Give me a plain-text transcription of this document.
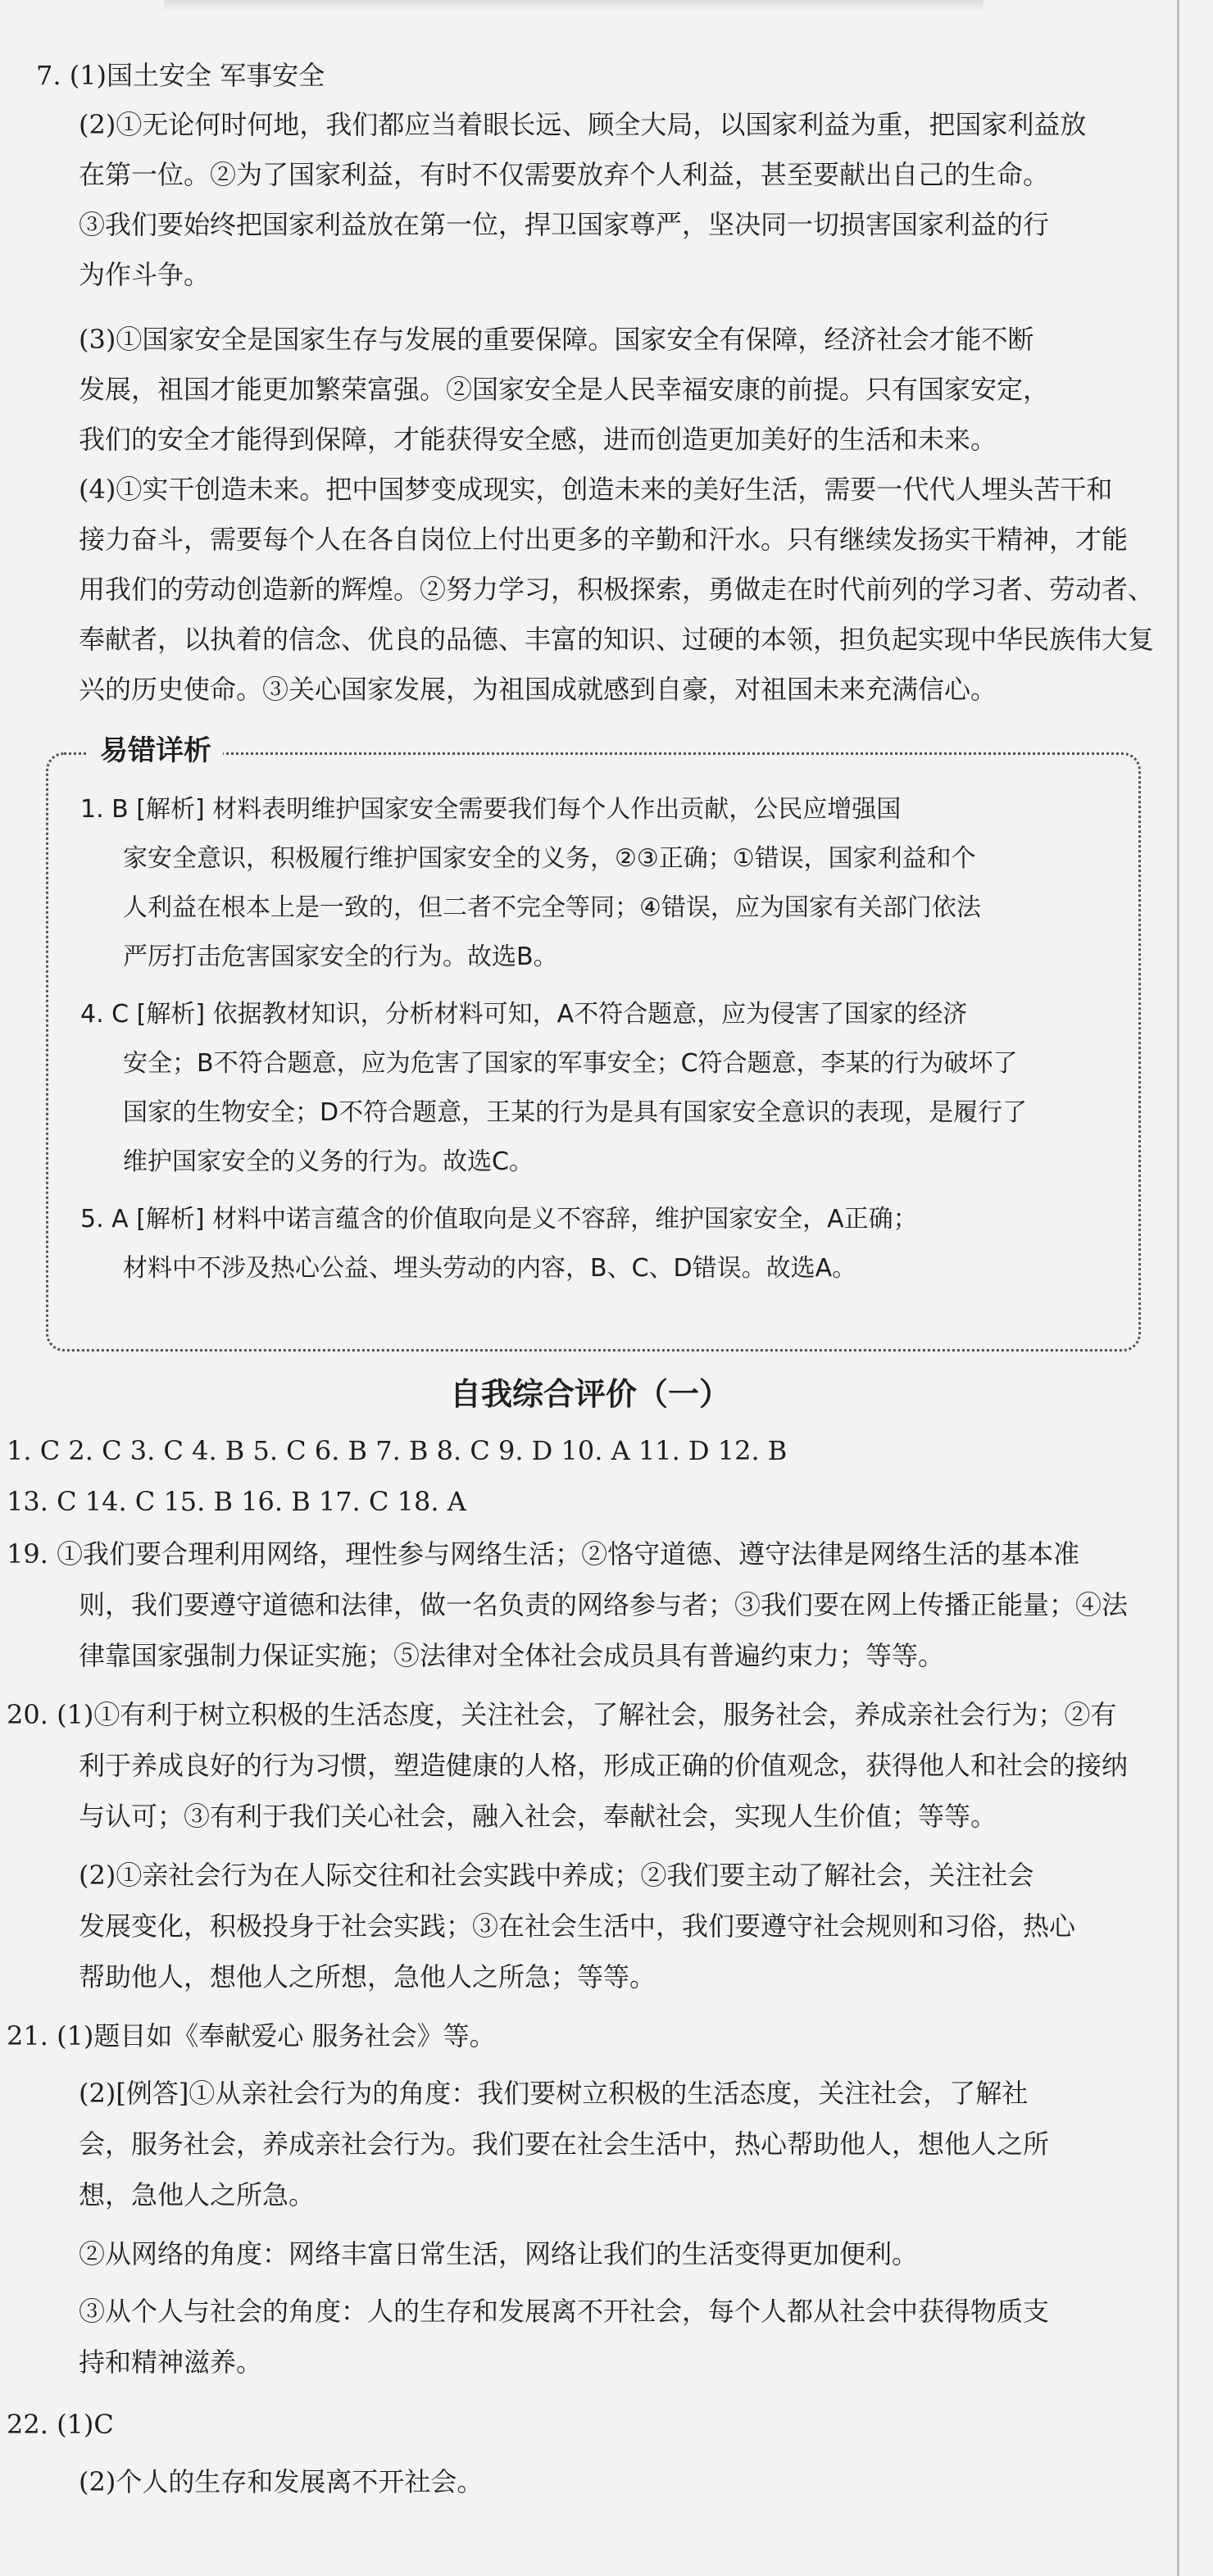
7. (1)国土安全 军事安全
(2)①无论何时何地，我们都应当着眼长远、顾全大局，以国家利益为重，把国家利益放
在第一位。②为了国家利益，有时不仅需要放弃个人利益，甚至要献出自己的生命。
③我们要始终把国家利益放在第一位，捍卫国家尊严，坚决同一切损害国家利益的行
为作斗争。
(3)①国家安全是国家生存与发展的重要保障。国家安全有保障，经济社会才能不断
发展，祖国才能更加繁荣富强。②国家安全是人民幸福安康的前提。只有国家安定，
我们的安全才能得到保障，才能获得安全感，进而创造更加美好的生活和未来。
(4)①实干创造未来。把中国梦变成现实，创造未来的美好生活，需要一代代人埋头苦干和
接力奋斗，需要每个人在各自岗位上付出更多的辛勤和汗水。只有继续发扬实干精神，才能
用我们的劳动创造新的辉煌。②努力学习，积极探索，勇做走在时代前列的学习者、劳动者、
奉献者，以执着的信念、优良的品德、丰富的知识、过硬的本领，担负起实现中华民族伟大复
兴的历史使命。③关心国家发展，为祖国成就感到自豪，对祖国未来充满信心。
易错详析
1. B [解析] 材料表明维护国家安全需要我们每个人作出贡献，公民应增强国
家安全意识，积极履行维护国家安全的义务，②③正确；①错误，国家利益和个
人利益在根本上是一致的，但二者不完全等同；④错误，应为国家有关部门依法
严厉打击危害国家安全的行为。故选B。
4. C [解析] 依据教材知识，分析材料可知，A不符合题意，应为侵害了国家的经济
安全；B不符合题意，应为危害了国家的军事安全；C符合题意，李某的行为破坏了
国家的生物安全；D不符合题意，王某的行为是具有国家安全意识的表现，是履行了
维护国家安全的义务的行为。故选C。
5. A [解析] 材料中诺言蕴含的价值取向是义不容辞，维护国家安全，A正确；
材料中不涉及热心公益、埋头劳动的内容，B、C、D错误。故选A。
自我综合评价（一）
1. C 2. C 3. C 4. B 5. C 6. B 7. B 8. C 9. D 10. A 11. D 12. B
13. C 14. C 15. B 16. B 17. C 18. A
19. ①我们要合理利用网络，理性参与网络生活；②恪守道德、遵守法律是网络生活的基本准
则，我们要遵守道德和法律，做一名负责的网络参与者；③我们要在网上传播正能量；④法
律靠国家强制力保证实施；⑤法律对全体社会成员具有普遍约束力；等等。
20. (1)①有利于树立积极的生活态度，关注社会，了解社会，服务社会，养成亲社会行为；②有
利于养成良好的行为习惯，塑造健康的人格，形成正确的价值观念，获得他人和社会的接纳
与认可；③有利于我们关心社会，融入社会，奉献社会，实现人生价值；等等。
(2)①亲社会行为在人际交往和社会实践中养成；②我们要主动了解社会，关注社会
发展变化，积极投身于社会实践；③在社会生活中，我们要遵守社会规则和习俗，热心
帮助他人，想他人之所想，急他人之所急；等等。
21. (1)题目如《奉献爱心 服务社会》等。
(2)[例答]①从亲社会行为的角度：我们要树立积极的生活态度，关注社会，了解社
会，服务社会，养成亲社会行为。我们要在社会生活中，热心帮助他人，想他人之所
想，急他人之所急。
②从网络的角度：网络丰富日常生活，网络让我们的生活变得更加便利。
③从个人与社会的角度：人的生存和发展离不开社会，每个人都从社会中获得物质支
持和精神滋养。
22. (1)C
(2)个人的生存和发展离不开社会。
